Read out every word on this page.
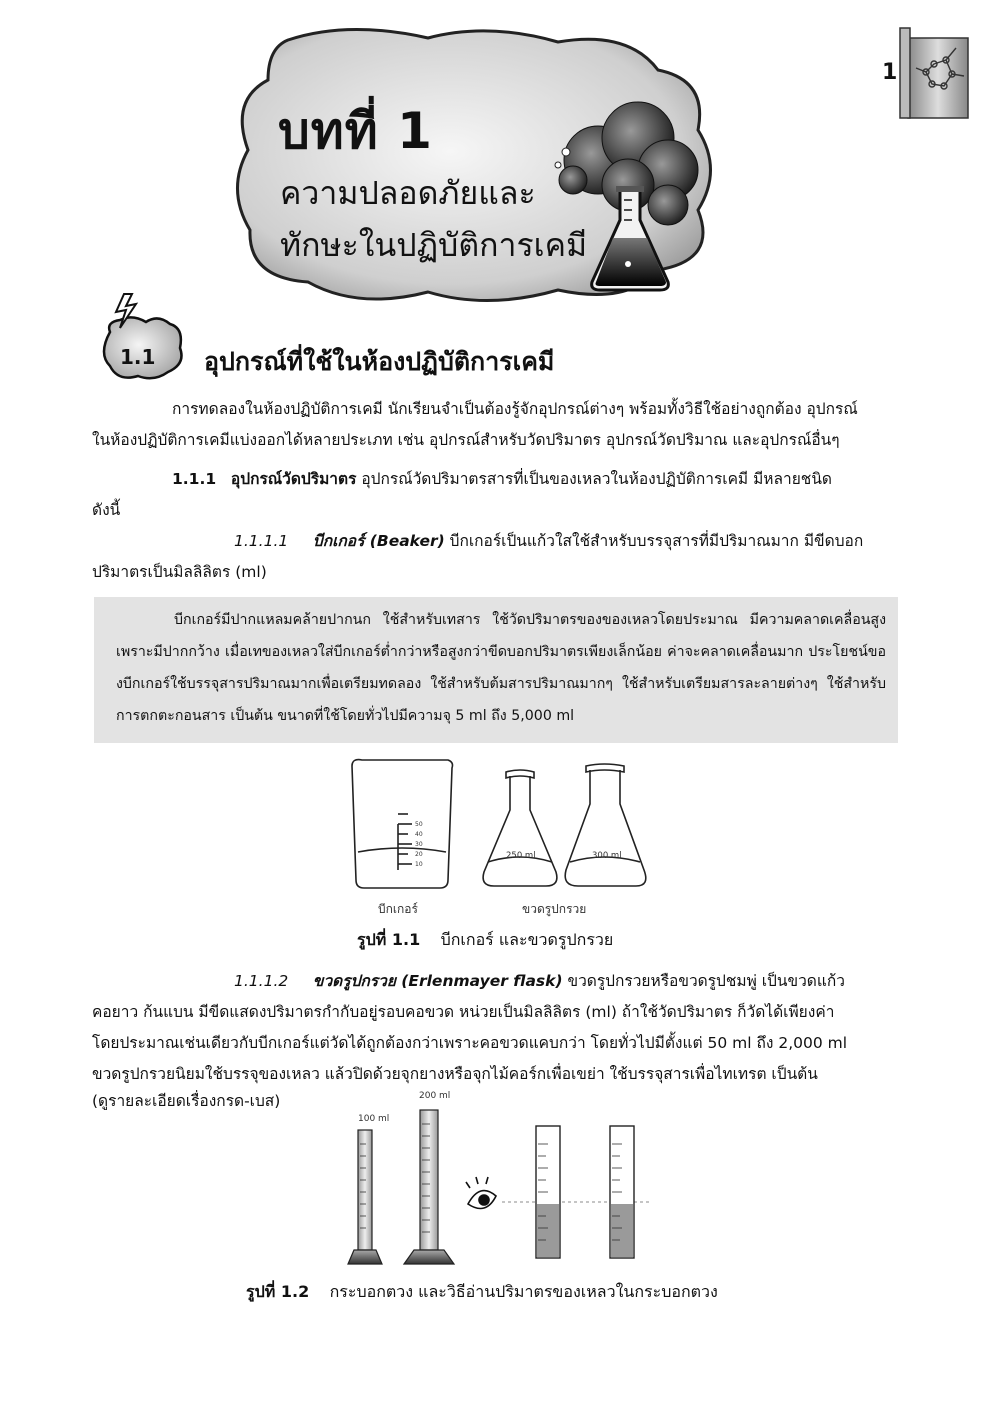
1
บทที่ 1
ความปลอดภัยและ
ทักษะในปฏิบัติการเคมี
1.1 อุปกรณ์ที่ใช้ในห้องปฏิบัติการเคมี
การทดลองในห้องปฏิบัติการเคมี นักเรียนจำเป็นต้องรู้จักอุปกรณ์ต่างๆ พร้อมทั้งวิธีใช้อย่างถูกต้อง อุปกรณ์
ในห้องปฏิบัติการเคมีแบ่งออกได้หลายประเภท เช่น อุปกรณ์สำหรับวัดปริมาตร อุปกรณ์วัดปริมาณ และอุปกรณ์อื่นๆ
1.1.1 อุปกรณ์วัดปริมาตร อุปกรณ์วัดปริมาตรสารที่เป็นของเหลวในห้องปฏิบัติการเคมี มีหลายชนิด
ดังนี้
1.1.1.1 บีกเกอร์ (Beaker) บีกเกอร์เป็นแก้วใสใช้สำหรับบรรจุสารที่มีปริมาณมาก มีขีดบอก
ปริมาตรเป็นมิลลิลิตร (ml)
บีกเกอร์มีปากแหลมคล้ายปากนก ใช้สำหรับเทสาร ใช้วัดปริมาตรของของเหลวโดยประมาณ มีความคลาดเคลื่อนสูงเพราะมีปากกว้าง เมื่อเทของเหลวใส่บีกเกอร์ต่ำกว่าหรือสูงกว่าขีดบอกปริมาตรเพียงเล็กน้อย ค่าจะคลาดเคลื่อนมาก ประโยชน์ของบีกเกอร์ใช้บรรจุสารปริมาณมากเพื่อเตรียมทดลอง ใช้สำหรับต้มสารปริมาณมากๆ ใช้สำหรับเตรียมสารละลายต่างๆ ใช้สำหรับการตกตะกอนสาร เป็นต้น ขนาดที่ใช้โดยทั่วไปมีความจุ 5 ml ถึง 5,000 ml
50
40
30
20
10
250 ml	300 ml
บีกเกอร์	ขวดรูปกรวย
รูปที่ 1.1 บีกเกอร์ และขวดรูปกรวย
1.1.1.2 ขวดรูปกรวย (Erlenmayer flask) ขวดรูปกรวยหรือขวดรูปชมพู่ เป็นขวดแก้ว
คอยาว ก้นแบน มีขีดแสดงปริมาตรกำกับอยู่รอบคอขวด หน่วยเป็นมิลลิลิตร (ml) ถ้าใช้วัดปริมาตร ก็วัดได้เพียงค่า
โดยประมาณเช่นเดียวกับบีกเกอร์แต่วัดได้ถูกต้องกว่าเพราะคอขวดแคบกว่า โดยทั่วไปมีตั้งแต่ 50 ml ถึง 2,000 ml
ขวดรูปกรวยนิยมใช้บรรจุของเหลว แล้วปิดด้วยจุกยางหรือจุกไม้คอร์กเพื่อเขย่า ใช้บรรจุสารเพื่อไทเทรต เป็นต้น
(ดูรายละเอียดเรื่องกรด-เบส)
100 ml
200 ml
รูปที่ 1.2 กระบอกตวง และวิธีอ่านปริมาตรของเหลวในกระบอกตวง
